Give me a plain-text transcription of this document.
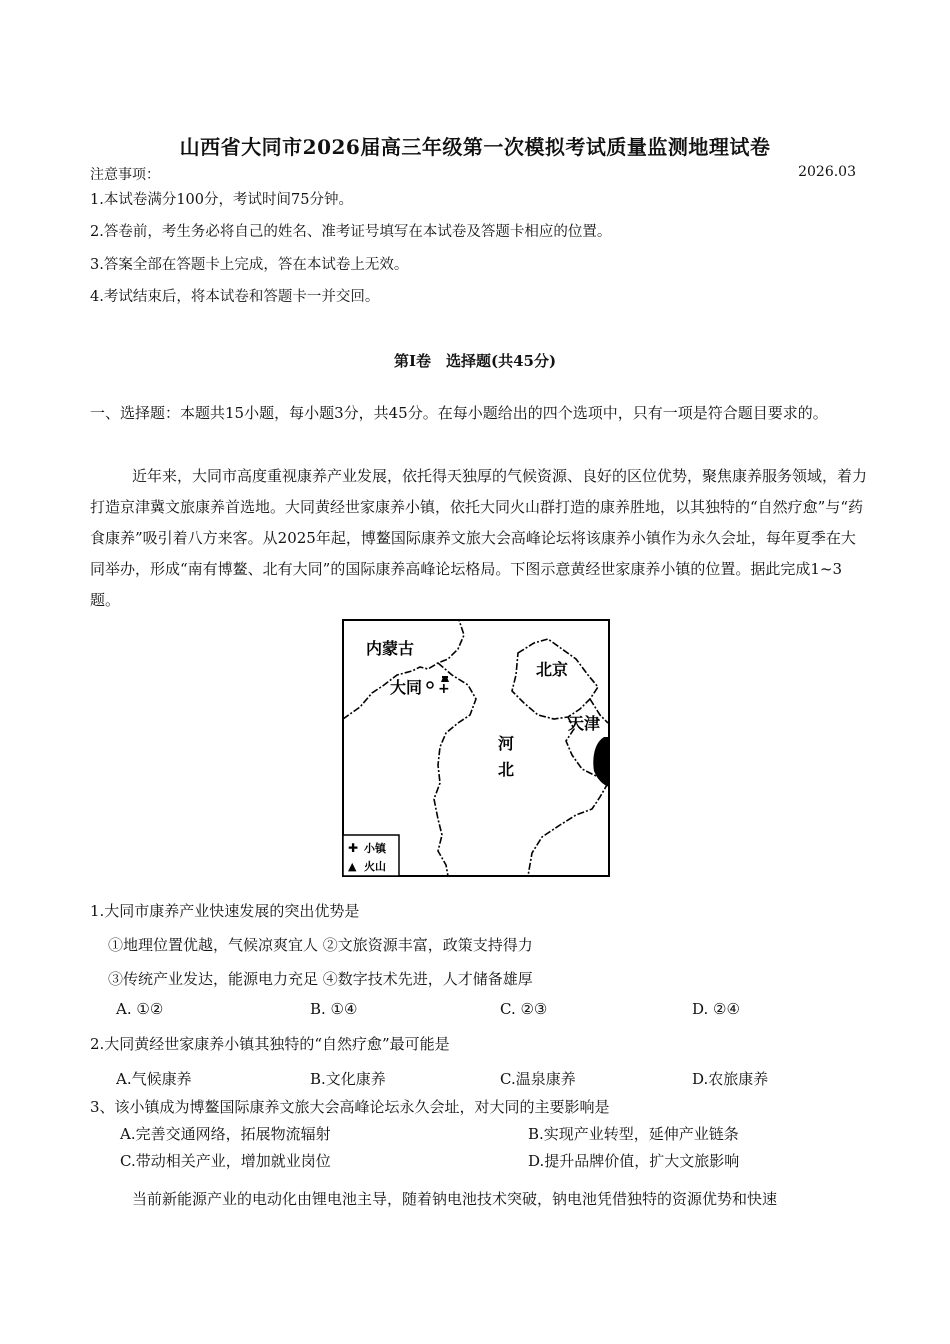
山西省大同市2026届高三年级第一次模拟考试质量监测地理试卷
注意事项：	2026.03
1.本试卷满分100分，考试时间75分钟。
2.答卷前，考生务必将自己的姓名、准考证号填写在本试卷及答题卡相应的位置。
3.答案全部在答题卡上完成，答在本试卷上无效。
4.考试结束后，将本试卷和答题卡一并交回。
第Ⅰ卷　选择题(共45分)
一、选择题：本题共15小题，每小题3分，共45分。在每小题给出的四个选项中，只有一项是符合题目要求的。
近年来，大同市高度重视康养产业发展，依托得天独厚的气候资源、良好的区位优势，聚焦康养服务领域，着力打造京津冀文旅康养首选地。大同黄经世家康养小镇，依托大同火山群打造的康养胜地，以其独特的“自然疗愈”与“药食康养”吸引着八方来客。从2025年起，博鳌国际康养文旅大会高峰论坛将该康养小镇作为永久会址，每年夏季在大同举办，形成“南有博鳌、北有大同”的国际康养高峰论坛格局。下图示意黄经世家康养小镇的位置。据此完成1~3题。
内蒙古
大同 +
北京
天津
河
北
✚ 小镇
▲ 火山
1.大同市康养产业快速发展的突出优势是
①地理位置优越，气候凉爽宜人 ②文旅资源丰富，政策支持得力
③传统产业发达，能源电力充足 ④数字技术先进，人才储备雄厚
A. ①②	B. ①④	C. ②③	D. ②④
2.大同黄经世家康养小镇其独特的“自然疗愈”最可能是
A.气候康养	B.文化康养	C.温泉康养	D.农旅康养
3、该小镇成为博鳌国际康养文旅大会高峰论坛永久会址，对大同的主要影响是
A.完善交通网络，拓展物流辐射	B.实现产业转型，延伸产业链条
C.带动相关产业，增加就业岗位	D.提升品牌价值，扩大文旅影响
当前新能源产业的电动化由锂电池主导，随着钠电池技术突破，钠电池凭借独特的资源优势和快速
